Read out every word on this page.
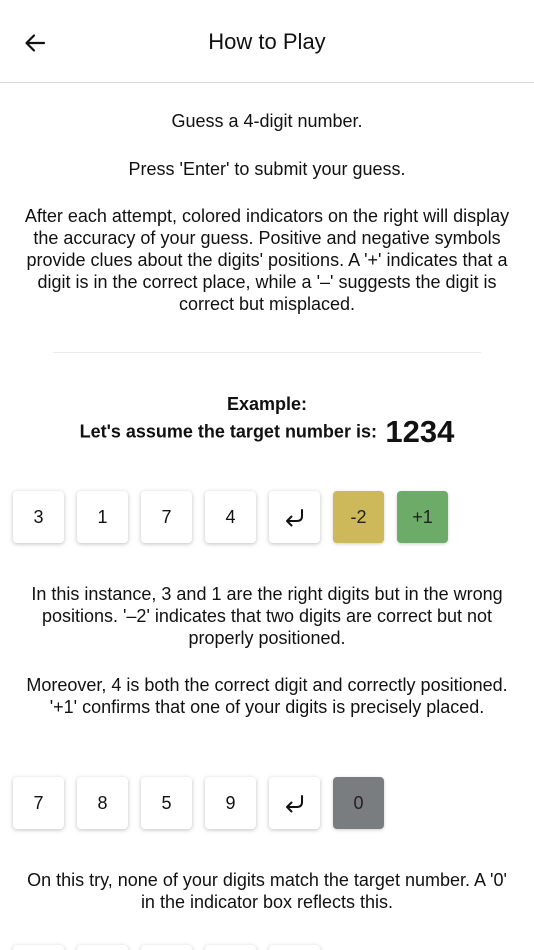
How to Play
Guess a 4-digit number.
Press 'Enter' to submit your guess.
After each attempt, colored indicators on the right will display the accuracy of your guess. Positive and negative symbols provide clues about the digits' positions. A '+' indicates that a digit is in the correct place, while a '–' suggests the digit is correct but misplaced.
Example:
Let's assume the target number is: 1234
3	1	7	4	-2	+1
In this instance, 3 and 1 are the right digits but in the wrong positions. '–2' indicates that two digits are correct but not properly positioned.
Moreover, 4 is both the correct digit and correctly positioned. '+1' confirms that one of your digits is precisely placed.
7	8	5	9	0
On this try, none of your digits match the target number. A '0' in the indicator box reflects this.
